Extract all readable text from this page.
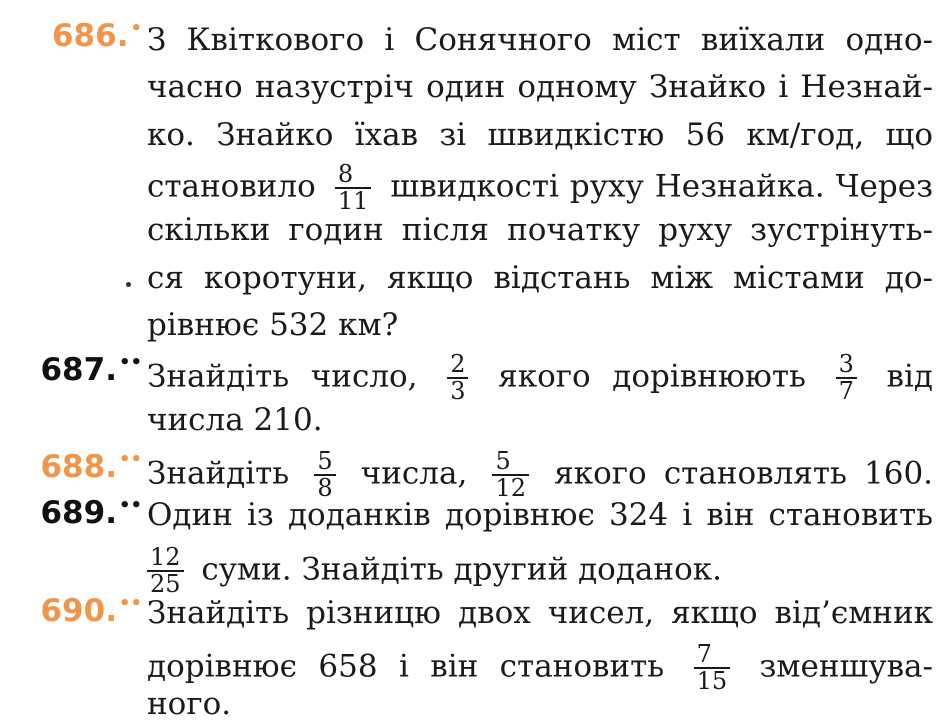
686. • З Квіткового і Сонячного міст виїхали одно-
часно назустріч один одному Знайко і Незнай-
ко. Знайко їхав зі швидкістю 56 км/год, що
становило $\frac{8}{11}$ швидкості руху Незнайка. Через
скільки годин після початку руху зустрінуть-
ся коротуни, якщо відстань між містами до-
рівнює 532 км?
687. •• Знайдіть число, $\frac{2}{3}$ якого дорівнюють $\frac{3}{7}$ від
числа 210.
688. •• Знайдіть $\frac{5}{8}$ числа, $\frac{5}{12}$ якого становлять 160.
689. •• Один із доданків дорівнює 324 і він становить
$\frac{12}{25}$ суми. Знайдіть другий доданок.
690. •• Знайдіть різницю двох чисел, якщо від’ємник
дорівнює 658 і він становить $\frac{7}{15}$ зменшува-
ного.
